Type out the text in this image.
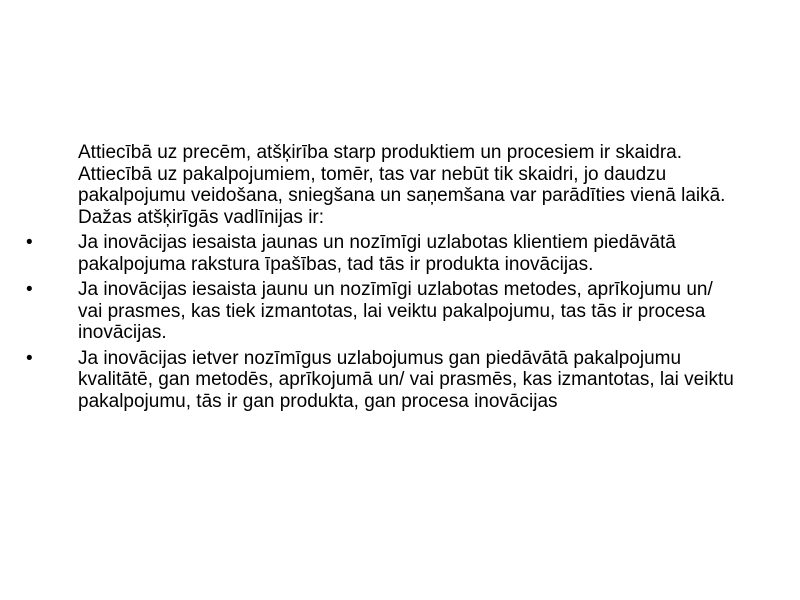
Attiecībā uz precēm, atšķirība starp produktiem un procesiem ir skaidra. Attiecībā uz pakalpojumiem, tomēr, tas var nebūt tik skaidri, jo daudzu pakalpojumu veidošana, sniegšana un saņemšana var parādīties vienā laikā. Dažas atšķirīgās vadlīnijas ir:

• Ja inovācijas iesaista jaunas un nozīmīgi uzlabotas klientiem piedāvātā pakalpojuma rakstura īpašības, tad tās ir produkta inovācijas.
• Ja inovācijas iesaista jaunu un nozīmīgi uzlabotas metodes, aprīkojumu un/ vai prasmes, kas tiek izmantotas, lai veiktu pakalpojumu, tas tās ir procesa inovācijas.
• Ja inovācijas ietver nozīmīgus uzlabojumus gan piedāvātā pakalpojumu kvalitātē, gan metodēs, aprīkojumā un/ vai prasmēs, kas izmantotas, lai veiktu pakalpojumu, tās ir gan produkta, gan procesa inovācijas
